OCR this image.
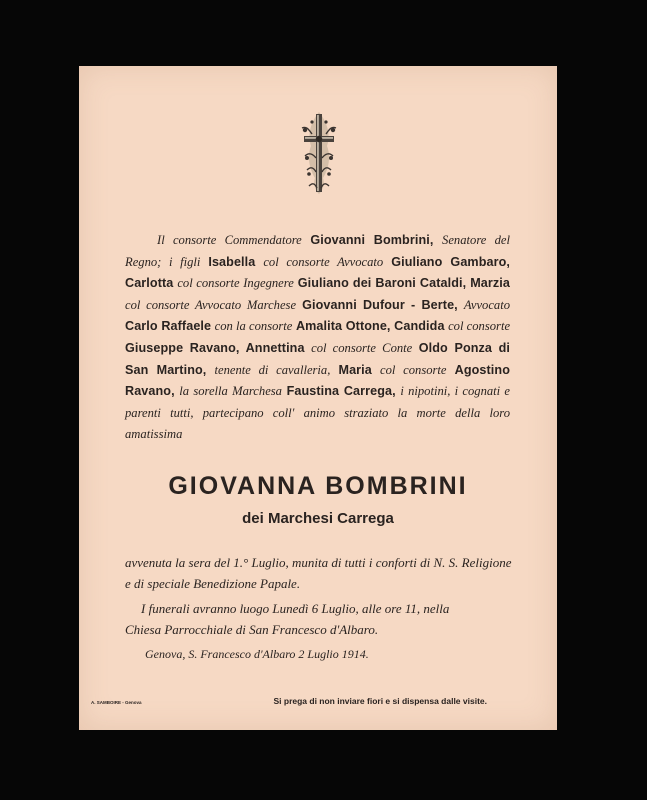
Il consorte Commendatore Giovanni Bombrini, Senatore del Regno; i figli Isabella col consorte Avvocato Giuliano Gambaro, Carlotta col consorte Ingegnere Giuliano dei Baroni Cataldi, Marzia col consorte Avvocato Marchese Giovanni Dufour - Berte, Avvocato Carlo Raffaele con la consorte Amalita Ottone, Candida col consorte Giuseppe Ravano, Annettina col consorte Conte Oldo Ponza di San Martino, tenente di cavalleria, Maria col consorte Agostino Ravano, la sorella Marchesa Faustina Carrega, i nipotini, i cognati e parenti tutti, partecipano coll' animo straziato la morte della loro amatissima
GIOVANNA BOMBRINI
dei Marchesi Carrega
avvenuta la sera del 1.° Luglio, munita di tutti i conforti di N. S. Religione e di speciale Benedizione Papale.
I funerali avranno luogo Lunedì 6 Luglio, alle ore 11, nella
Chiesa Parrocchiale di San Francesco d'Albaro.
Genova, S. Francesco d'Albaro 2 Luglio 1914.
A. SAMBOIRE - Genova	Si prega di non inviare fiori e si dispensa dalle visite.
